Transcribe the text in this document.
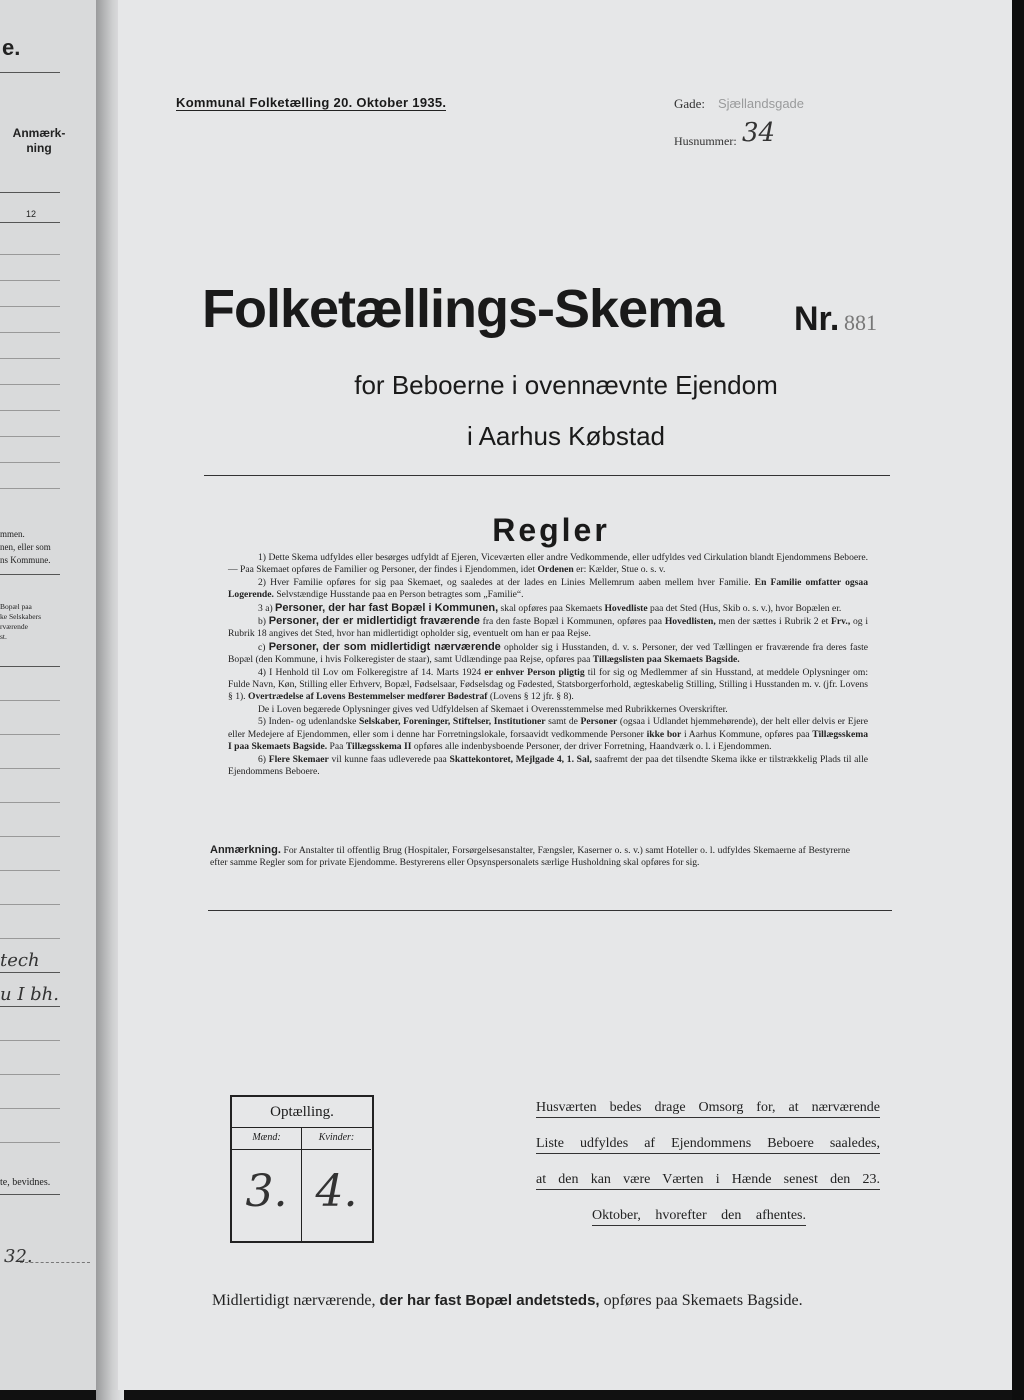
e.
Anmærk-
ning
12
mmen.
nen, eller som
ns Kommune.
Bopæl paa
ke Selskabers
rværende
st.
tech
u I bh.
te, bevidnes.
32.
Kommunal Folketælling 20. Oktober 1935.	Gade: Sjællandsgade
Husnummer: 34
Folketællings-Skema Nr. 881
for Beboerne i ovennævnte Ejendom
i Aarhus Købstad
Regler
Anmærkning. For Anstalter til offentlig Brug (Hospitaler, Forsørgelsesanstalter, Fængsler, Kaserner o. s. v.) samt Hoteller o. l. udfyldes Skemaerne af Bestyrerne efter samme Regler som for private Ejendomme. Bestyrerens eller Opsynspersonalets særlige Husholdning skal opføres for sig.
Optælling.
Mænd:
3.
Kvinder:
4.
Husværten bedes drage Omsorg for, at nærværende
Liste udfyldes af Ejendommens Beboere saaledes,
at den kan være Værten i Hænde senest den 23.
Oktober, hvorefter den afhentes.
Midlertidigt nærværende, der har fast Bopæl andetsteds, opføres paa Skemaets Bagside.

1) Dette Skema udfyldes eller besørges udfyldt af Ejeren, Viceværten eller andre Vedkommende, eller udfyldes ved Cirkulation blandt Ejendommens Beboere. — Paa Skemaet opføres de Familier og Personer, der findes i Ejendommen, idet Ordenen er: Kælder, Stue o. s. v.

2) Hver Familie opføres for sig paa Skemaet, og saaledes at der lades en Linies Mellemrum aaben mellem hver Familie. En Familie omfatter ogsaa Logerende. Selvstændige Husstande paa en Person betragtes som „Familie“.

3 a) Personer, der har fast Bopæl i Kommunen, skal opføres paa Skemaets Hovedliste paa det Sted (Hus, Skib o. s. v.), hvor Bopælen er.

b) Personer, der er midlertidigt fraværende fra den faste Bopæl i Kommunen, opføres paa Hovedlisten, men der sættes i Rubrik 2 et Frv., og i Rubrik 18 angives det Sted, hvor han midlertidigt opholder sig, eventuelt om han er paa Rejse.

c) Personer, der som midlertidigt nærværende opholder sig i Husstanden, d. v. s. Personer, der ved Tællingen er fraværende fra deres faste Bopæl (den Kommune, i hvis Folkeregister de staar), samt Udlændinge paa Rejse, opføres paa Tillægslisten paa Skemaets Bagside.

4) I Henhold til Lov om Folkeregistre af 14. Marts 1924 er enhver Person pligtig til for sig og Medlemmer af sin Husstand, at meddele Oplysninger om: Fulde Navn, Køn, Stilling eller Erhverv, Bopæl, Fødselsaar, Fødselsdag og Fødested, Statsborgerforhold, ægteskabelig Stilling, Stilling i Husstanden m. v. (jfr. Lovens § 1). Overtrædelse af Lovens Bestemmelser medfører Bødestraf (Lovens § 12 jfr. § 8).

De i Loven begærede Oplysninger gives ved Udfyldelsen af Skemaet i Overensstemmelse med Rubrikkernes Overskrifter.

5) Inden- og udenlandske Selskaber, Foreninger, Stiftelser, Institutioner samt de Personer (ogsaa i Udlandet hjemmehørende), der helt eller delvis er Ejere eller Medejere af Ejendommen, eller som i denne har Forretningslokale, forsaavidt vedkommende Personer ikke bor i Aarhus Kommune, opføres paa Tillægsskema I paa Skemaets Bagside. Paa Tillægsskema II opføres alle indenbysboende Personer, der driver Forretning, Haandværk o. l. i Ejendommen.

6) Flere Skemaer vil kunne faas udleverede paa Skattekontoret, Mejlgade 4, 1. Sal, saafremt der paa det tilsendte Skema ikke er tilstrækkelig Plads til alle Ejendommens Beboere.
